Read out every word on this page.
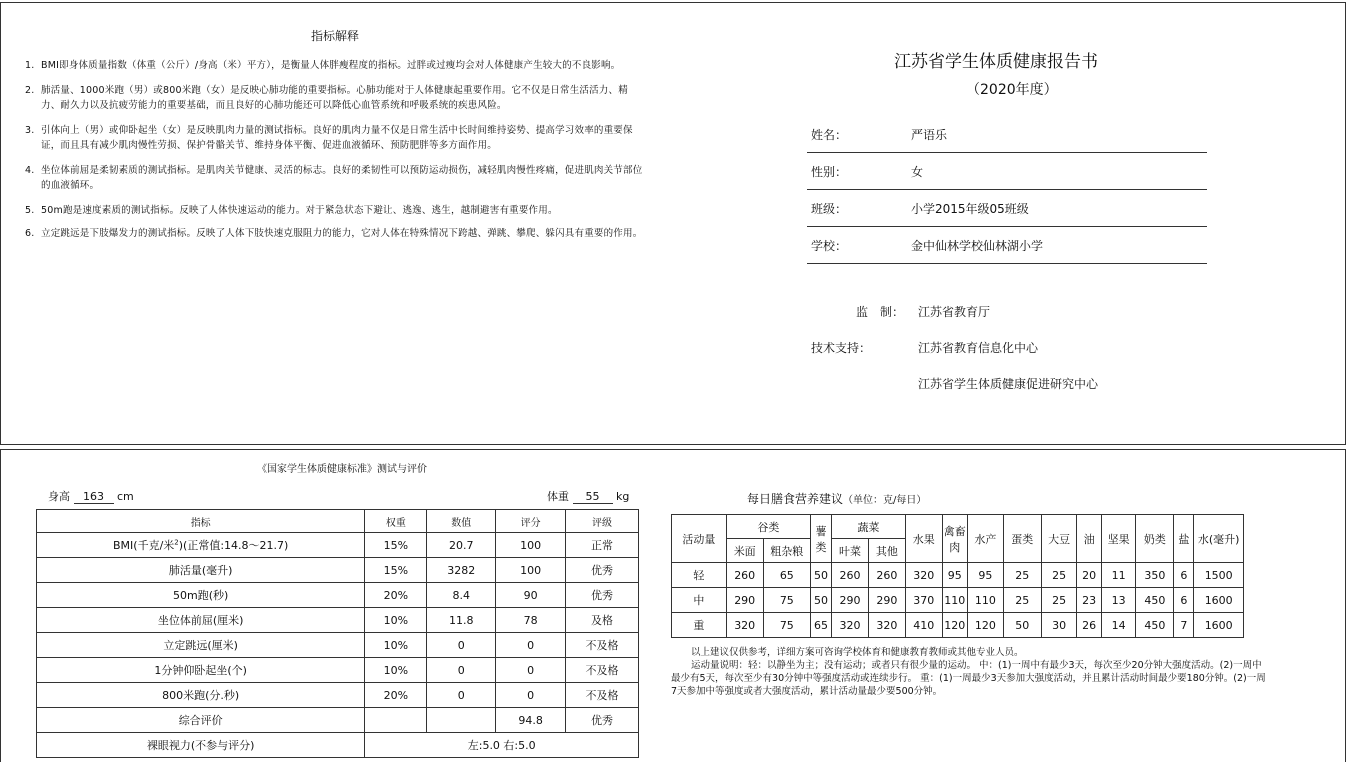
指标解释
1. BMI即身体质量指数（体重（公斤）/身高（米）平方），是衡量人体胖瘦程度的指标。过胖或过瘦均会对人体健康产生较大的不良影响。
2. 肺活量、1000米跑（男）或800米跑（女）是反映心肺功能的重要指标。心肺功能对于人体健康起重要作用。它不仅是日常生活活力、精力、耐久力以及抗疲劳能力的重要基础，而且良好的心肺功能还可以降低心血管系统和呼吸系统的疾患风险。
3. 引体向上（男）或仰卧起坐（女）是反映肌肉力量的测试指标。良好的肌肉力量不仅是日常生活中长时间维持姿势、提高学习效率的重要保证，而且具有减少肌肉慢性劳损、保护骨骼关节、维持身体平衡、促进血液循环、预防肥胖等多方面作用。
4. 坐位体前屈是柔韧素质的测试指标。是肌肉关节健康、灵活的标志。良好的柔韧性可以预防运动损伤，减轻肌肉慢性疼痛，促进肌肉关节部位的血液循环。
5. 50m跑是速度素质的测试指标。反映了人体快速运动的能力。对于紧急状态下避让、逃逸、逃生，越制避害有重要作用。
6. 立定跳远是下肢爆发力的测试指标。反映了人体下肢快速克服阻力的能力，它对人体在特殊情况下跨越、弹跳、攀爬、躲闪具有重要的作用。
江苏省学生体质健康报告书
（2020年度）
姓名：	严语乐
性别：	女
班级：	小学2015年级05班级
学校：	金中仙林学校仙林湖小学
监　制： 江苏省教育厅
技术支持：	江苏省教育信息化中心
江苏省学生体质健康促进研究中心
《国家学生体质健康标准》测试与评价
身高 163 cm	体重 55 kg
指标	权重	数值	评分	评级
BMI(千克/米$^2$)(正常值:14.8～21.7)	15%	20.7	100	正常
肺活量(毫升)	15%	3282	100	优秀
50m跑(秒)	20%	8.4	90	优秀
坐位体前屈(厘米)	10%	11.8	78	及格
立定跳远(厘米)	10%	0	0	不及格
1分钟仰卧起坐(个)	10%	0	0	不及格
800米跑(分.秒)	20%	0	0	不及格
综合评价			94.8	优秀
裸眼视力(不参与评分)	左:5.0 右:5.0			
每日膳食营养建议（单位：克/每日）
活动量	谷类		薯类	蔬菜		水果	禽畜肉	水产	蛋类	大豆	油	坚果	奶类	盐	水(毫升)
	米面	粗杂粮		叶菜	其他										
轻	260	65	50	260	260	320	95	95	25	25	20	11	350	6	1500
中	290	75	50	290	290	370	110	110	25	25	23	13	450	6	1600
重	320	75	65	320	320	410	120	120	50	30	26	14	450	7	1600

以上建议仅供参考，详细方案可咨询学校体育和健康教育教师或其他专业人员。

运动量说明：轻：以静坐为主；没有运动；或者只有很少量的运动。 中：(1)一周中有最少3天，每次至少20分钟大强度活动。(2)一周中最少有5天，每次至少有30分钟中等强度活动或连续步行。 重：(1)一周最少3天参加大强度活动，并且累计活动时间最少要180分钟。(2)一周7天参加中等强度或者大强度活动，累计活动量最少要500分钟。
